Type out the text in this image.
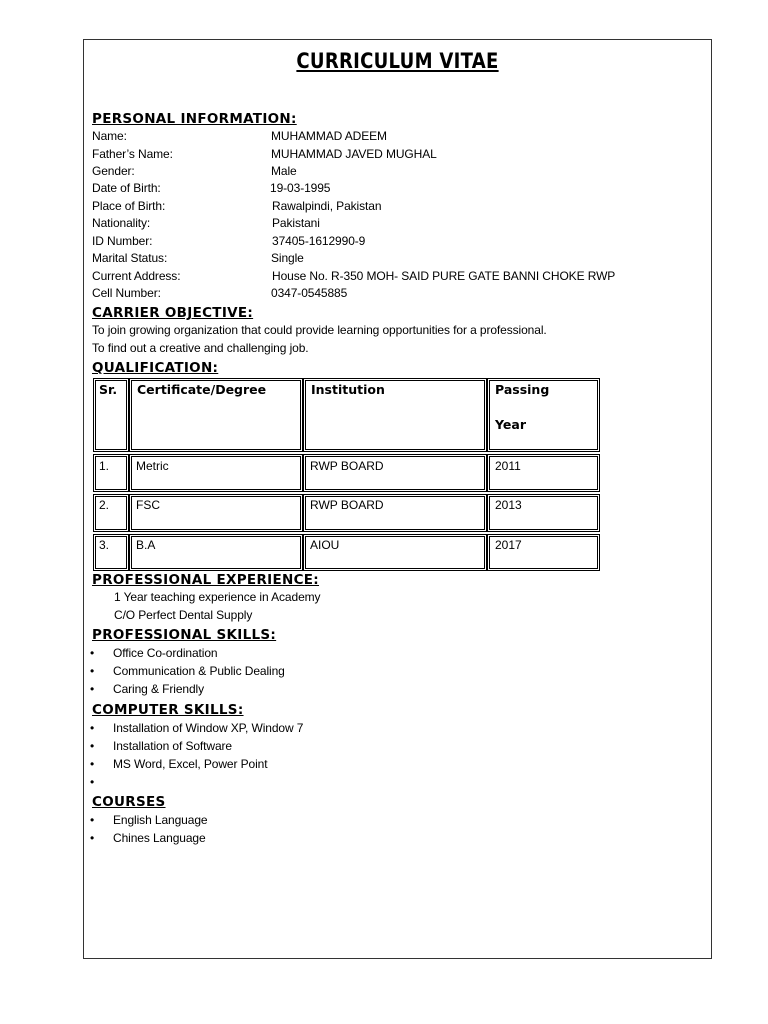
CURRICULUM VITAE
PERSONAL INFORMATION:
Name:	MUHAMMAD ADEEM
Father’s Name:	MUHAMMAD JAVED MUGHAL
Gender:	Male
Date of Birth:	19-03-1995
Place of Birth:	Rawalpindi, Pakistan
Nationality:	Pakistani
ID Number:	37405-1612990-9
Marital Status:	Single
Current Address:	House No. R-350 MOH- SAID PURE GATE BANNI CHOKE RWP
Cell Number:	0347-0545885
CARRIER OBJECTIVE:
To join growing organization that could provide learning opportunities for a professional.
To find out a creative and challenging job.
QUALIFICATION:
Sr. Certificate/Degree	Institution	Passing
Year
1. Metric	RWP BOARD	2011
2. FSC	RWP BOARD	2013
3. B.A	AIOU	2017
PROFESSIONAL EXPERIENCE:
1 Year teaching experience in Academy
C/O Perfect Dental Supply
PROFESSIONAL SKILLS:
• Office Co-ordination
• Communication & Public Dealing
• Caring & Friendly
COMPUTER SKILLS:
• Installation of Window XP, Window 7
• Installation of Software
• MS Word, Excel, Power Point
•
COURSES
• English Language
• Chines Language
